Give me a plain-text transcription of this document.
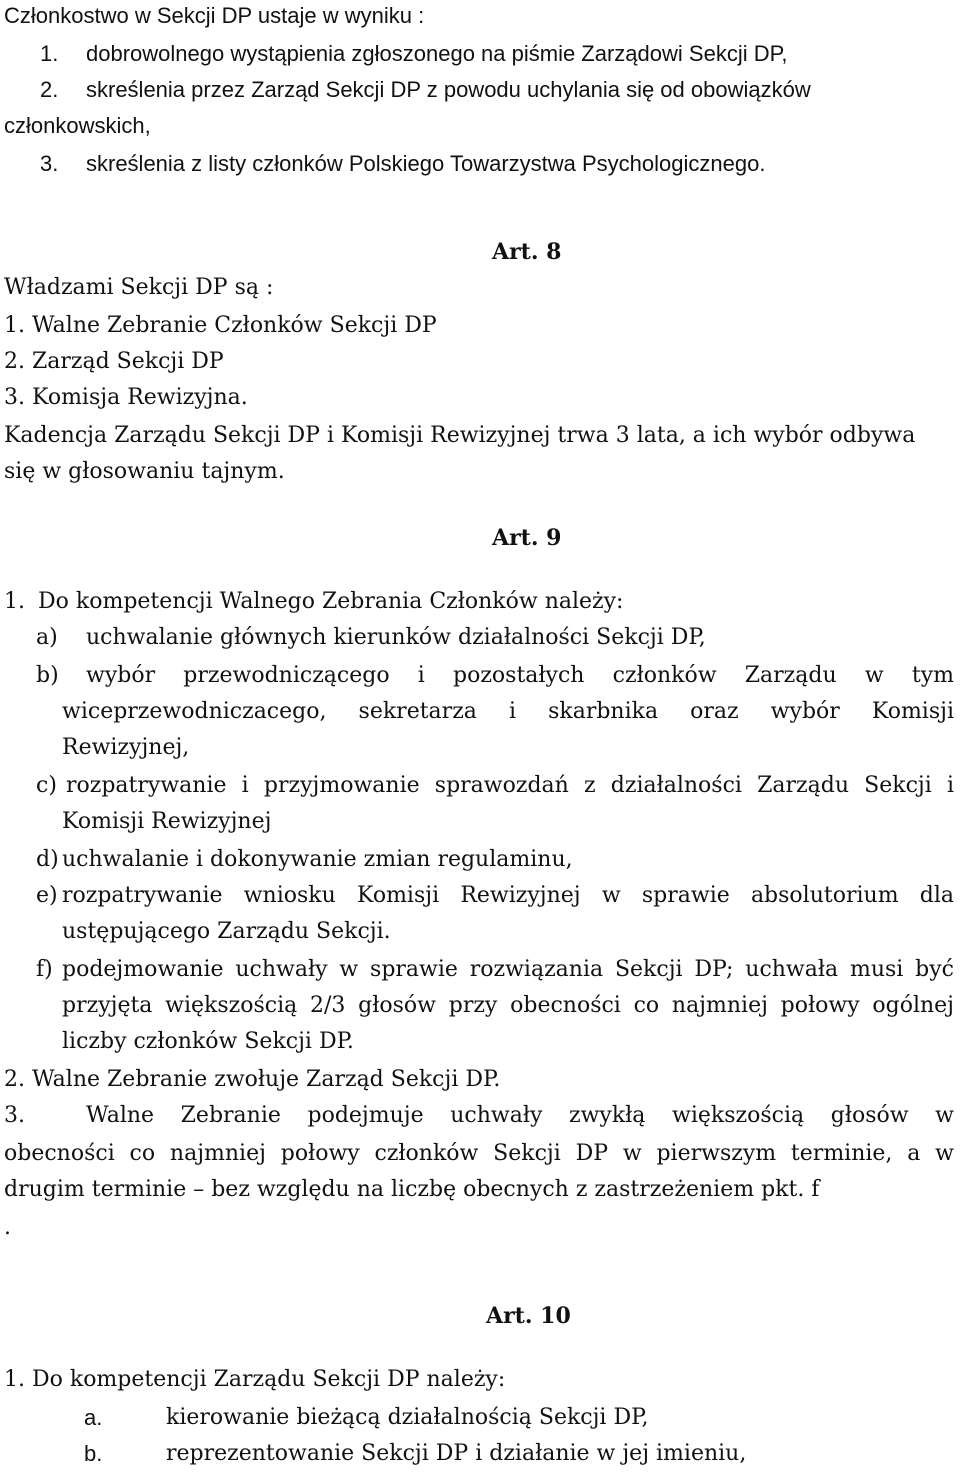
Członkostwo w Sekcji DP ustaje w wyniku :
1. dobrowolnego wystąpienia zgłoszonego na piśmie Zarządowi Sekcji DP,
2. skreślenia przez Zarząd Sekcji DP z powodu uchylania się od obowiązków
członkowskich,
3. skreślenia z listy członków Polskiego Towarzystwa Psychologicznego.
Art. 8
Władzami Sekcji DP są :
1. Walne Zebranie Członków Sekcji DP
2. Zarząd Sekcji DP
3. Komisja Rewizyjna.
Kadencja Zarządu Sekcji DP i Komisji Rewizyjnej trwa 3 lata, a ich wybór odbywa
się w głosowaniu tajnym.
Art. 9
1. Do kompetencji Walnego Zebrania Członków należy:
a) uchwalanie głównych kierunków działalności Sekcji DP,
b) wybór przewodniczącego i pozostałych członków Zarządu w tym
wiceprzewodniczacego, sekretarza i skarbnika oraz wybór Komisji
Rewizyjnej,
c) rozpatrywanie i przyjmowanie sprawozdań z działalności Zarządu Sekcji i
Komisji Rewizyjnej
d) uchwalanie i dokonywanie zmian regulaminu,
e) rozpatrywanie wniosku Komisji Rewizyjnej w sprawie absolutorium dla
ustępującego Zarządu Sekcji.
f) podejmowanie uchwały w sprawie rozwiązania Sekcji DP; uchwała musi być
przyjęta większością 2/3 głosów przy obecności co najmniej połowy ogólnej
liczby członków Sekcji DP.
2. Walne Zebranie zwołuje Zarząd Sekcji DP.
3.	Walne Zebranie podejmuje uchwały zwykłą większością głosów w
obecności co najmniej połowy członków Sekcji DP w pierwszym terminie, a w
drugim terminie – bez względu na liczbę obecnych z zastrzeżeniem pkt. f
.
Art. 10
1. Do kompetencji Zarządu Sekcji DP należy:
a.	kierowanie bieżącą działalnością Sekcji DP,
b.	reprezentowanie Sekcji DP i działanie w jej imieniu,
